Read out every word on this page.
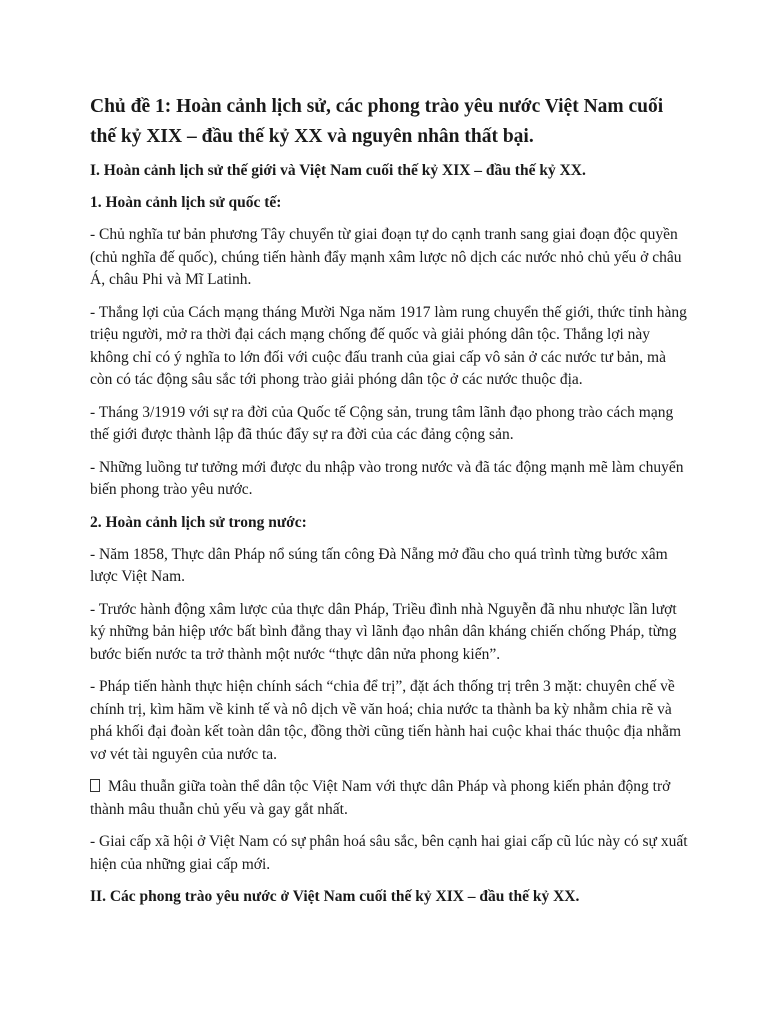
Chủ đề 1: Hoàn cảnh lịch sử, các phong trào yêu nước Việt Nam cuối thế kỷ XIX – đầu thế kỷ XX và nguyên nhân thất bại.
I. Hoàn cảnh lịch sử thế giới và Việt Nam cuối thế kỷ XIX – đầu thế kỷ XX.
1. Hoàn cảnh lịch sử quốc tế:

- Chủ nghĩa tư bản phương Tây chuyển từ giai đoạn tự do cạnh tranh sang giai đoạn độc quyền (chủ nghĩa đế quốc), chúng tiến hành đẩy mạnh xâm lược nô dịch các nước nhỏ chủ yếu ở châu Á, châu Phi và Mĩ Latinh.

- Thắng lợi của Cách mạng tháng Mười Nga năm 1917 làm rung chuyển thế giới, thức tỉnh hàng triệu người, mở ra thời đại cách mạng chống đế quốc và giải phóng dân tộc. Thắng lợi này không chỉ có ý nghĩa to lớn đối với cuộc đấu tranh của giai cấp vô sản ở các nước tư bản, mà còn có tác động sâu sắc tới phong trào giải phóng dân tộc ở các nước thuộc địa.

- Tháng 3/1919 với sự ra đời của Quốc tế Cộng sản, trung tâm lãnh đạo phong trào cách mạng thế giới được thành lập đã thúc đẩy sự ra đời của các đảng cộng sản.

- Những luồng tư tưởng mới được du nhập vào trong nước và đã tác động mạnh mẽ làm chuyển biến phong trào yêu nước.

2. Hoàn cảnh lịch sử trong nước:

- Năm 1858, Thực dân Pháp nổ súng tấn công Đà Nẵng mở đầu cho quá trình từng bước xâm lược Việt Nam.

- Trước hành động xâm lược của thực dân Pháp, Triều đình nhà Nguyễn đã nhu nhược lần lượt ký những bản hiệp ước bất bình đẳng thay vì lãnh đạo nhân dân kháng chiến chống Pháp, từng bước biến nước ta trở thành một nước “thực dân nửa phong kiến”.

- Pháp tiến hành thực hiện chính sách “chia để trị”, đặt ách thống trị trên 3 mặt: chuyên chế về chính trị, kìm hãm về kinh tế và nô dịch về văn hoá; chia nước ta thành ba kỳ nhằm chia rẽ và phá khối đại đoàn kết toàn dân tộc, đồng thời cũng tiến hành hai cuộc khai thác thuộc địa nhằm vơ vét tài nguyên của nước ta.

Mâu thuẫn giữa toàn thể dân tộc Việt Nam với thực dân Pháp và phong kiến phản động trở thành mâu thuẫn chủ yếu và gay gắt nhất.

- Giai cấp xã hội ở Việt Nam có sự phân hoá sâu sắc, bên cạnh hai giai cấp cũ lúc này có sự xuất hiện của những giai cấp mới.

II. Các phong trào yêu nước ở Việt Nam cuối thế kỷ XIX – đầu thế kỷ XX.
